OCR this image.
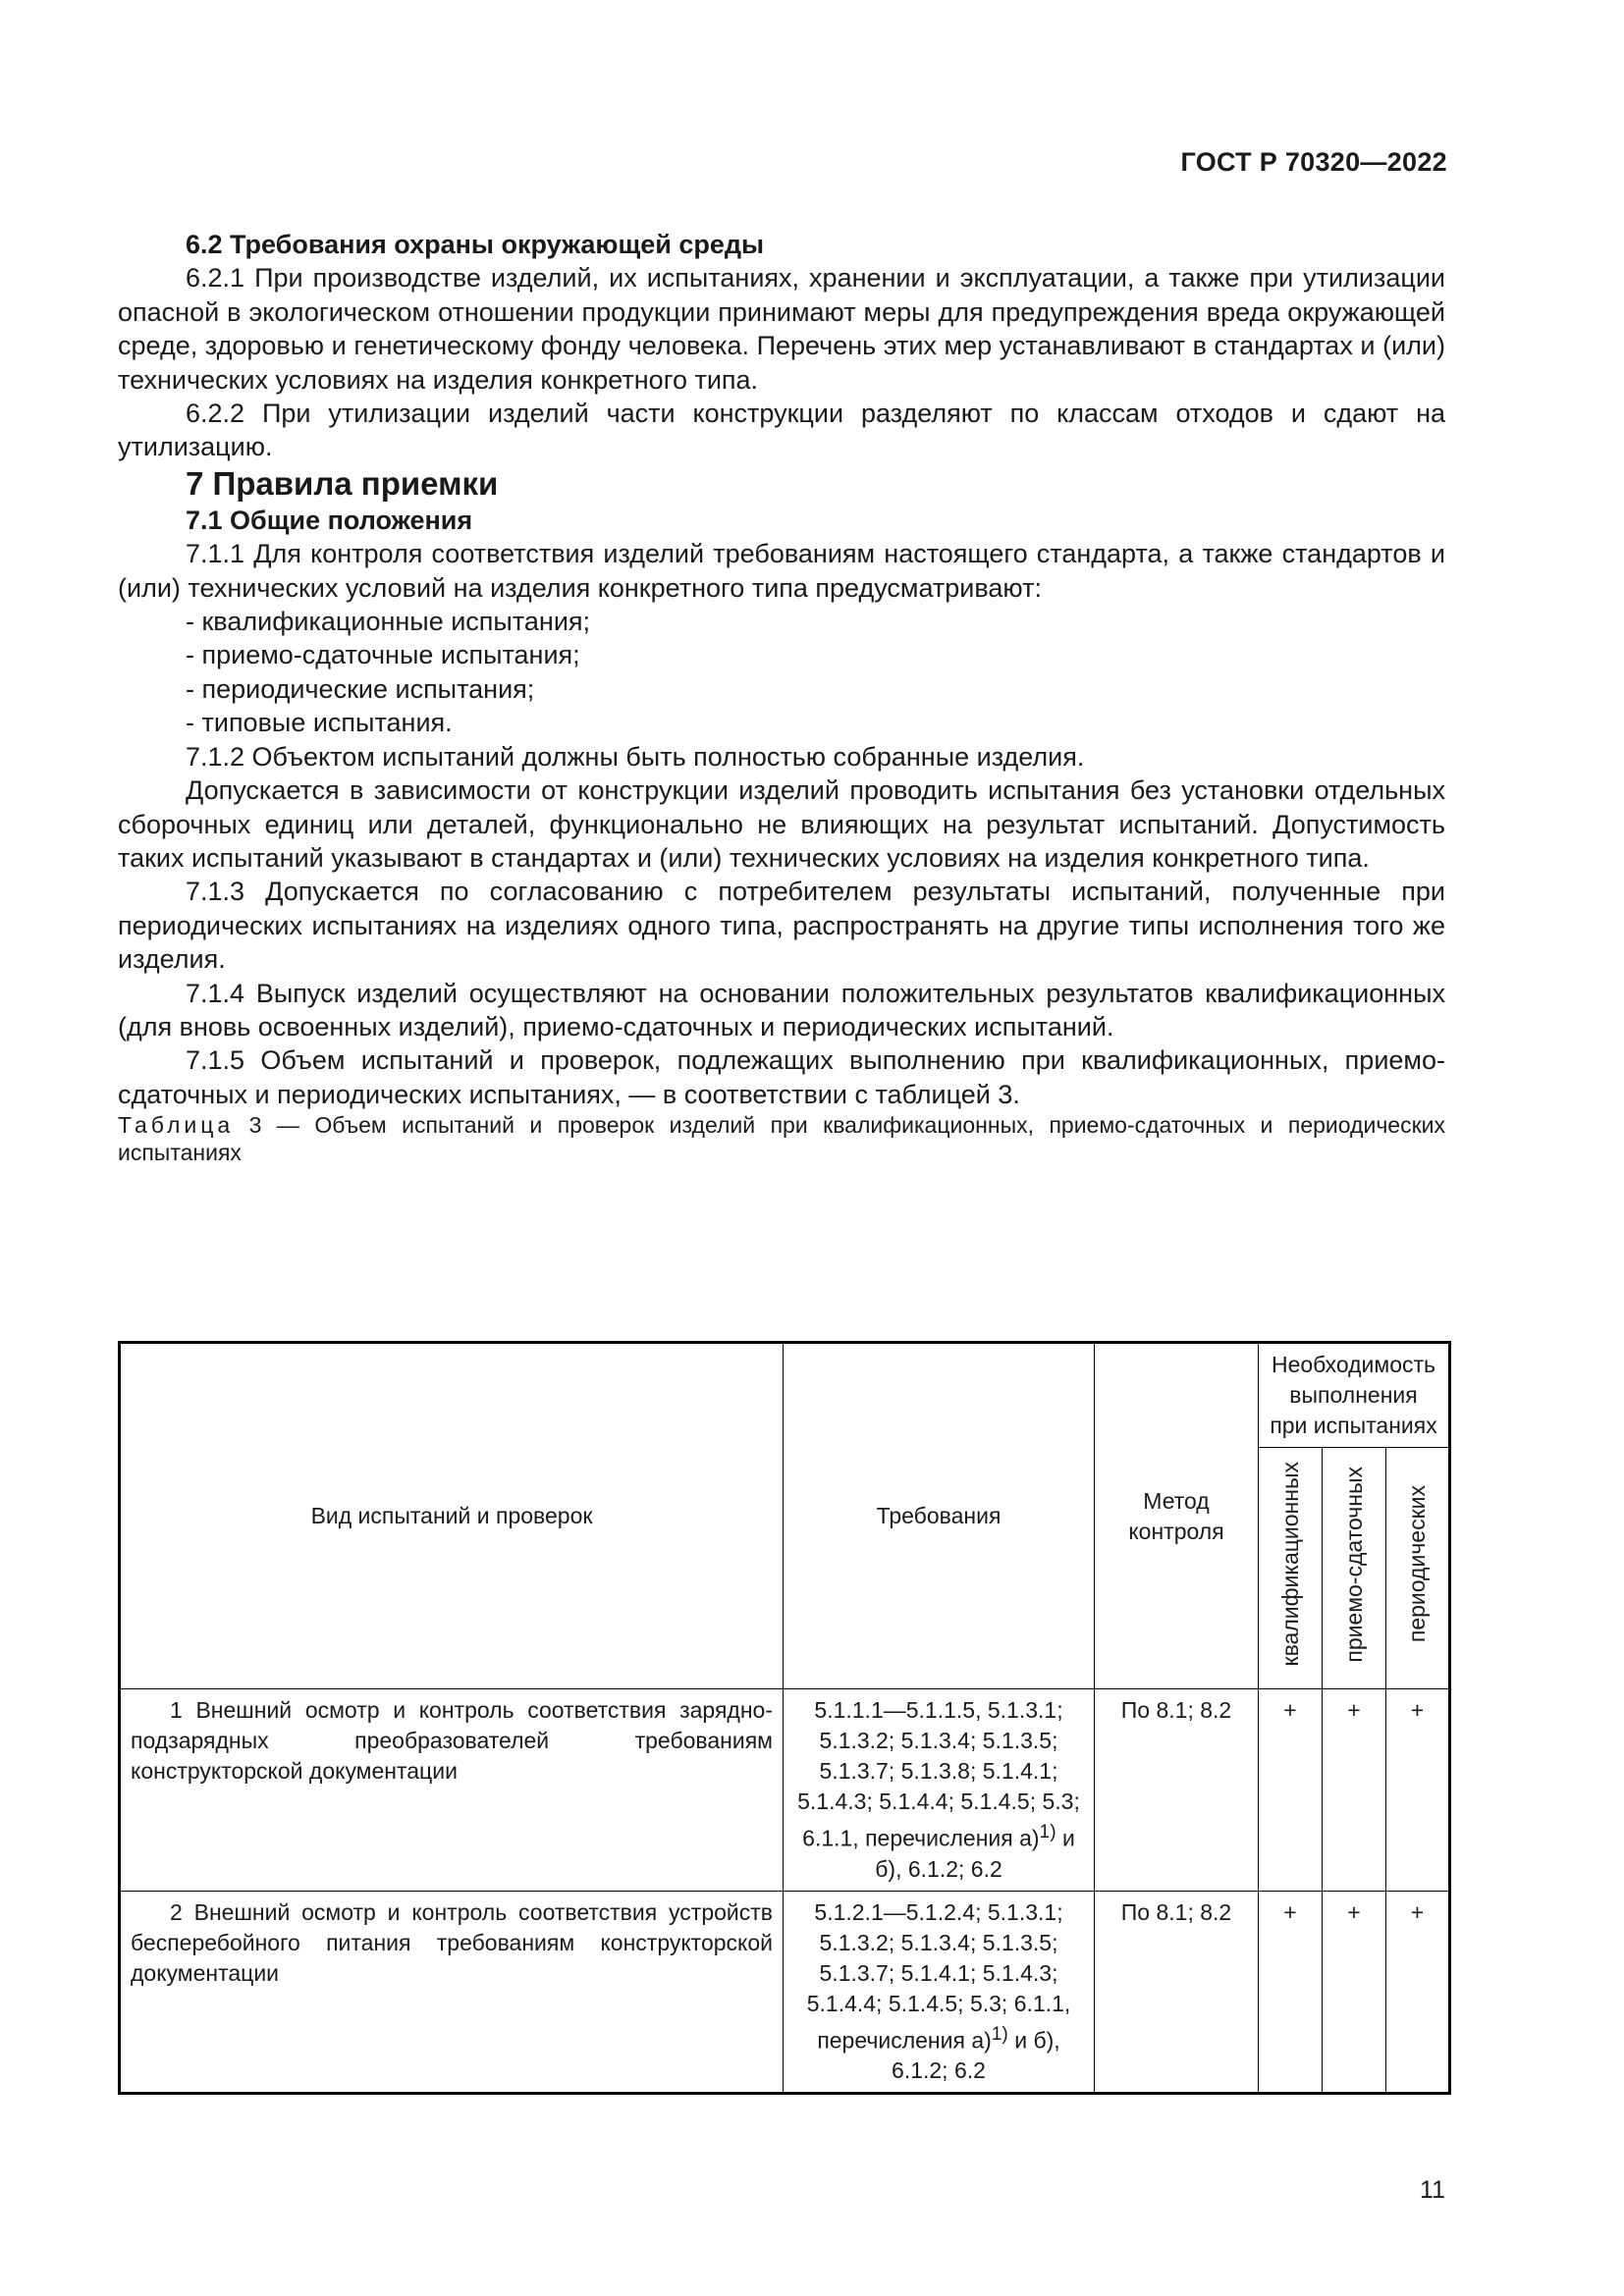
ГОСТ Р 70320—2022

6.2 Требования охраны окружающей среды

6.2.1 При производстве изделий, их испытаниях, хранении и эксплуатации, а также при утилизации опасной в экологическом отношении продукции принимают меры для предупреждения вреда окружающей среде, здоровью и генетическому фонду человека. Перечень этих мер устанавливают в стандартах и (или) технических условиях на изделия конкретного типа.

6.2.2 При утилизации изделий части конструкции разделяют по классам отходов и сдают на утилизацию.

7 Правила приемки

7.1 Общие положения

7.1.1 Для контроля соответствия изделий требованиям настоящего стандарта, а также стандартов и (или) технических условий на изделия конкретного типа предусматривают:

- квалификационные испытания;

- приемо-сдаточные испытания;

- периодические испытания;

- типовые испытания.

7.1.2 Объектом испытаний должны быть полностью собранные изделия.

Допускается в зависимости от конструкции изделий проводить испытания без установки отдельных сборочных единиц или деталей, функционально не влияющих на результат испытаний. Допустимость таких испытаний указывают в стандартах и (или) технических условиях на изделия конкретного типа.

7.1.3 Допускается по согласованию с потребителем результаты испытаний, полученные при периодических испытаниях на изделиях одного типа, распространять на другие типы исполнения того же изделия.

7.1.4 Выпуск изделий осуществляют на основании положительных результатов квалификационных (для вновь освоенных изделий), приемо-сдаточных и периодических испытаний.

7.1.5 Объем испытаний и проверок, подлежащих выполнению при квалификационных, приемо-сдаточных и периодических испытаниях, — в соответствии с таблицей 3.

Таблица 3 — Объем испытаний и проверок изделий при квалификационных, приемо-сдаточных и периодических испытаниях

Вид испытаний и проверок	Требования	Метод контроля	Необходимость выполнения при испытаниях		
			квалификационных	приемо-сдаточных	периодических
1 Внешний осмотр и контроль соответствия зарядно-подзарядных преобразователей требованиям конструкторской документации	5.1.1.1—5.1.1.5, 5.1.3.1; 5.1.3.2; 5.1.3.4; 5.1.3.5; 5.1.3.7; 5.1.3.8; 5.1.4.1; 5.1.4.3; 5.1.4.4; 5.1.4.5; 5.3; 6.1.1, перечисления а)$^{1)}$ и б), 6.1.2; 6.2	По 8.1; 8.2	+	+	+
2 Внешний осмотр и контроль соответствия устройств бесперебойного питания требованиям конструкторской документации	5.1.2.1—5.1.2.4; 5.1.3.1; 5.1.3.2; 5.1.3.4; 5.1.3.5; 5.1.3.7; 5.1.4.1; 5.1.4.3; 5.1.4.4; 5.1.4.5; 5.3; 6.1.1, перечисления а)$^{1)}$ и б), 6.1.2; 6.2	По 8.1; 8.2	+	+	+
11
